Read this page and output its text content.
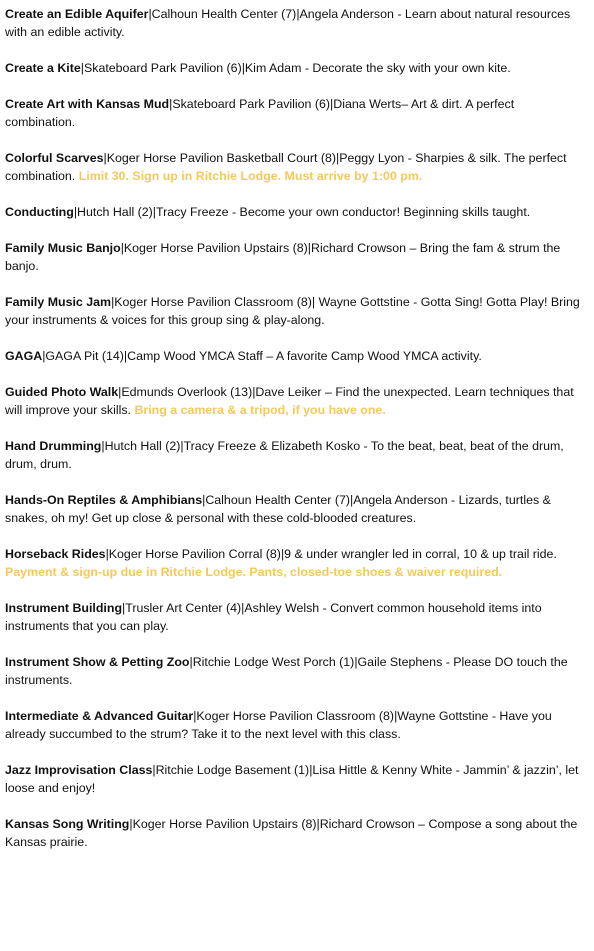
Create an Edible Aquifer|Calhoun Health Center (7)|Angela Anderson - Learn about natural resources with an edible activity.
Create a Kite|Skateboard Park Pavilion (6)|Kim Adam - Decorate the sky with your own kite.
Create Art with Kansas Mud|Skateboard Park Pavilion (6)|Diana Werts– Art & dirt. A perfect combination.
Colorful Scarves|Koger Horse Pavilion Basketball Court (8)|Peggy Lyon - Sharpies & silk. The perfect combination. Limit 30. Sign up in Ritchie Lodge. Must arrive by 1:00 pm.
Conducting|Hutch Hall (2)|Tracy Freeze - Become your own conductor! Beginning skills taught.
Family Music Banjo|Koger Horse Pavilion Upstairs (8)|Richard Crowson – Bring the fam & strum the banjo.
Family Music Jam|Koger Horse Pavilion Classroom (8)| Wayne Gottstine - Gotta Sing! Gotta Play! Bring your instruments & voices for this group sing & play-along.
GAGA|GAGA Pit (14)|Camp Wood YMCA Staff – A favorite Camp Wood YMCA activity.
Guided Photo Walk|Edmunds Overlook (13)|Dave Leiker – Find the unexpected. Learn techniques that will improve your skills. Bring a camera & a tripod, if you have one.
Hand Drumming|Hutch Hall (2)|Tracy Freeze & Elizabeth Kosko - To the beat, beat, beat of the drum, drum, drum.
Hands-On Reptiles & Amphibians|Calhoun Health Center (7)|Angela Anderson - Lizards, turtles & snakes, oh my! Get up close & personal with these cold-blooded creatures.
Horseback Rides|Koger Horse Pavilion Corral (8)|9 & under wrangler led in corral, 10 & up trail ride. Payment & sign-up due in Ritchie Lodge. Pants, closed-toe shoes & waiver required.
Instrument Building|Trusler Art Center (4)|Ashley Welsh - Convert common household items into instruments that you can play.
Instrument Show & Petting Zoo|Ritchie Lodge West Porch (1)|Gaile Stephens - Please DO touch the instruments.
Intermediate & Advanced Guitar|Koger Horse Pavilion Classroom (8)|Wayne Gottstine - Have you already succumbed to the strum? Take it to the next level with this class.
Jazz Improvisation Class|Ritchie Lodge Basement (1)|Lisa Hittle & Kenny White - Jammin’ & jazzin’, let loose and enjoy!
Kansas Song Writing|Koger Horse Pavilion Upstairs (8)|Richard Crowson – Compose a song about the Kansas prairie.
